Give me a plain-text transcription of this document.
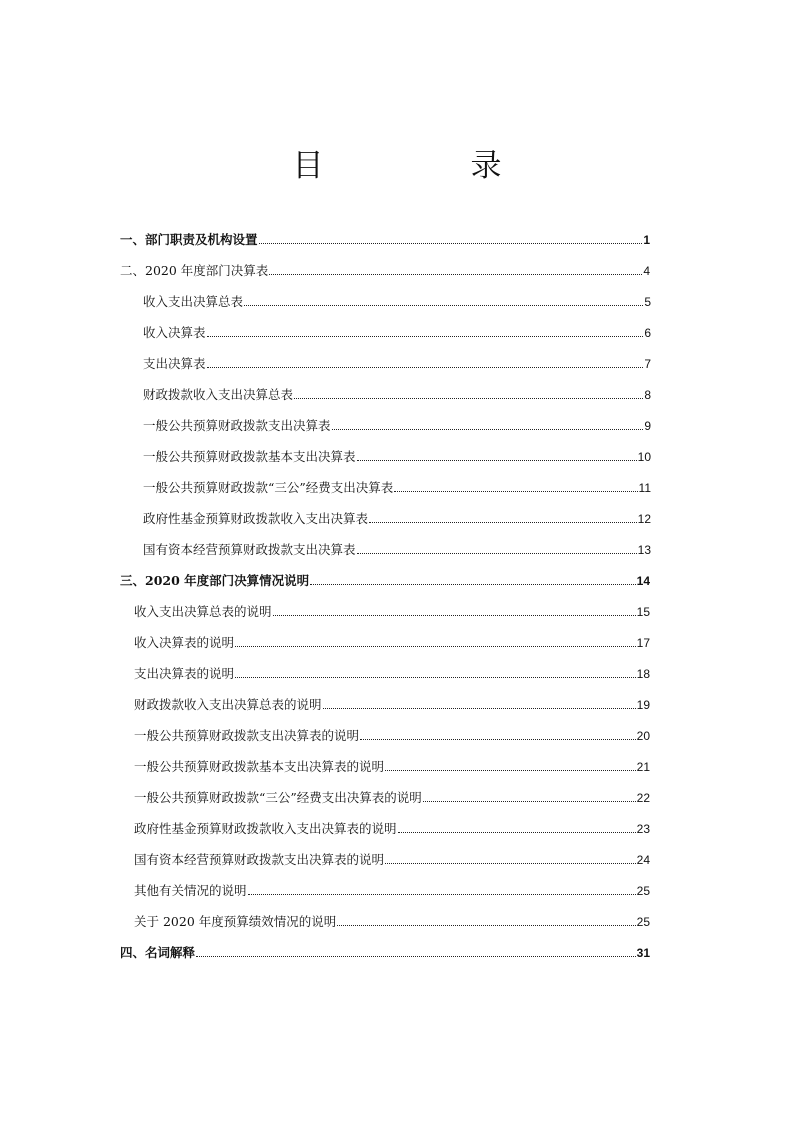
目　录
一、部门职责及机构设置	1
二、2020 年度部门决算表	4
收入支出决算总表	5
收入决算表	6
支出决算表	7
财政拨款收入支出决算总表	8
一般公共预算财政拨款支出决算表	9
一般公共预算财政拨款基本支出决算表	10
一般公共预算财政拨款“三公”经费支出决算表	11
政府性基金预算财政拨款收入支出决算表	12
国有资本经营预算财政拨款支出决算表	13
三、2020 年度部门决算情况说明	14
收入支出决算总表的说明	15
收入决算表的说明	17
支出决算表的说明	18
财政拨款收入支出决算总表的说明	19
一般公共预算财政拨款支出决算表的说明	20
一般公共预算财政拨款基本支出决算表的说明	21
一般公共预算财政拨款“三公”经费支出决算表的说明	22
政府性基金预算财政拨款收入支出决算表的说明	23
国有资本经营预算财政拨款支出决算表的说明	24
其他有关情况的说明	25
关于 2020 年度预算绩效情况的说明	25
四、名词解释	31
